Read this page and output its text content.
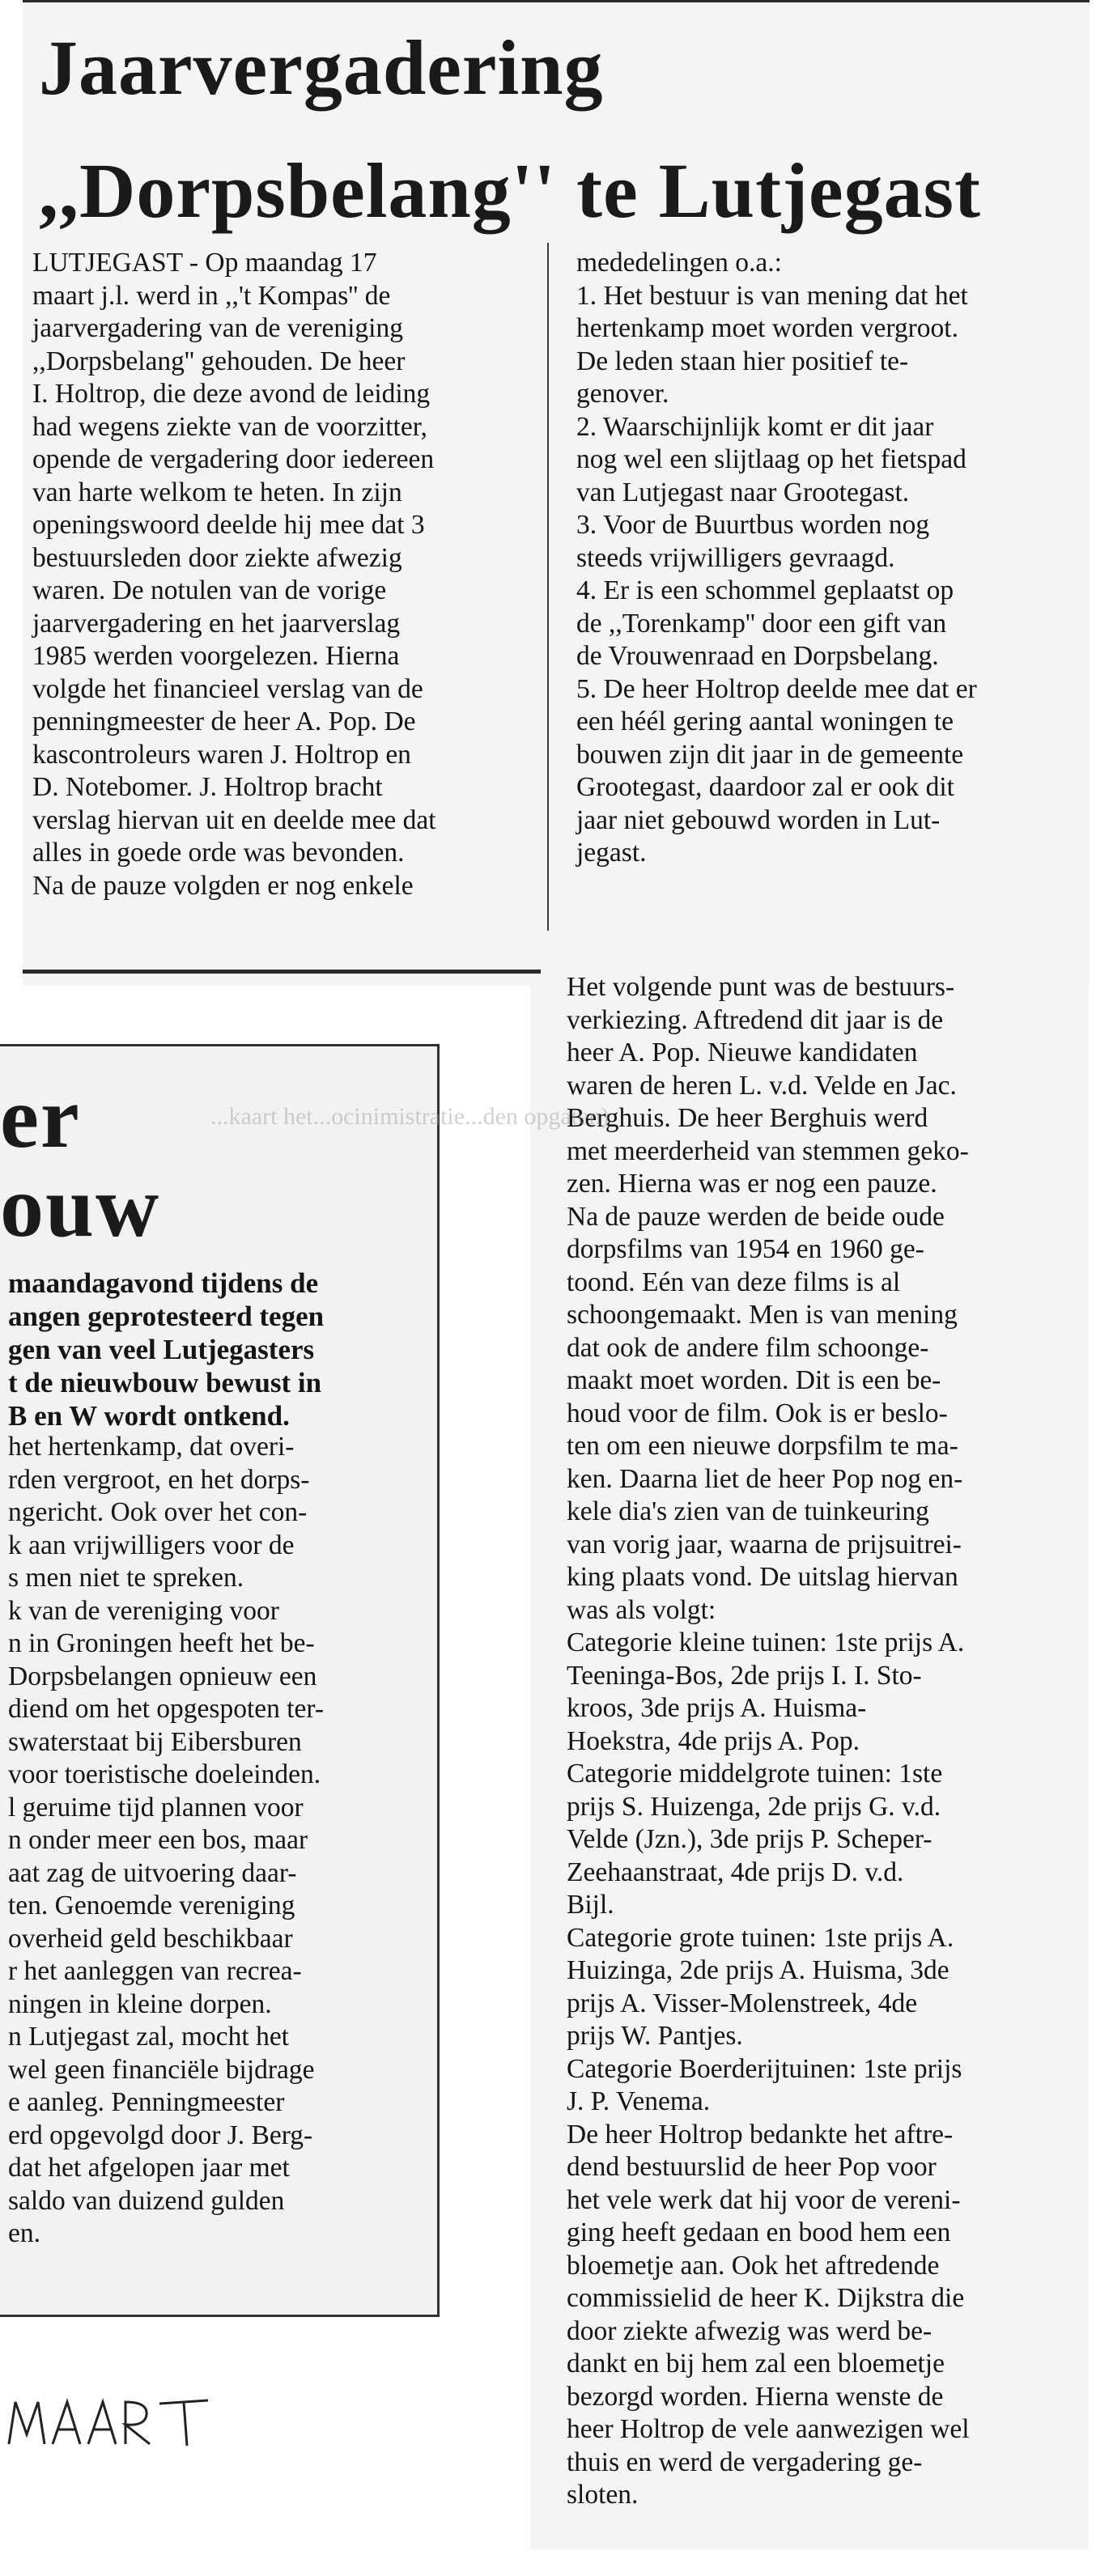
Jaarvergadering
,,Dorpsbelang'' te Lutjegast
LUTJEGAST - Op maandag 17
maart j.l. werd in ,,'t Kompas'' de
jaarvergadering van de vereniging
,,Dorpsbelang'' gehouden. De heer
I. Holtrop, die deze avond de leiding
had wegens ziekte van de voorzitter,
opende de vergadering door iedereen
van harte welkom te heten. In zijn
openingswoord deelde hij mee dat 3
bestuursleden door ziekte afwezig
waren. De notulen van de vorige
jaarvergadering en het jaarverslag
1985 werden voorgelezen. Hierna
volgde het financieel verslag van de
penningmeester de heer A. Pop. De
kascontroleurs waren J. Holtrop en
D. Notebomer. J. Holtrop bracht
verslag hiervan uit en deelde mee dat
alles in goede orde was bevonden.
Na de pauze volgden er nog enkele
mededelingen o.a.:
1. Het bestuur is van mening dat het
hertenkamp moet worden vergroot.
De leden staan hier positief te-
genover.
2. Waarschijnlijk komt er dit jaar
nog wel een slijtlaag op het fietspad
van Lutjegast naar Grootegast.
3. Voor de Buurtbus worden nog
steeds vrijwilligers gevraagd.
4. Er is een schommel geplaatst op
de ,,Torenkamp'' door een gift van
de Vrouwenraad en Dorpsbelang.
5. De heer Holtrop deelde mee dat er
een héél gering aantal woningen te
bouwen zijn dit jaar in de gemeente
Grootegast, daardoor zal er ook dit
jaar niet gebouwd worden in Lut-
jegast.
Het volgende punt was de bestuurs-
verkiezing. Aftredend dit jaar is de
heer A. Pop. Nieuwe kandidaten
waren de heren L. v.d. Velde en Jac.
Berghuis. De heer Berghuis werd
met meerderheid van stemmen geko-
zen. Hierna was er nog een pauze.
Na de pauze werden de beide oude
dorpsfilms van 1954 en 1960 ge-
toond. Eén van deze films is al
schoongemaakt. Men is van mening
dat ook de andere film schoonge-
maakt moet worden. Dit is een be-
houd voor de film. Ook is er beslo-
ten om een nieuwe dorpsfilm te ma-
ken. Daarna liet de heer Pop nog en-
kele dia's zien van de tuinkeuring
van vorig jaar, waarna de prijsuitrei-
king plaats vond. De uitslag hiervan
was als volgt:
Categorie kleine tuinen: 1ste prijs A.
Teeninga-Bos, 2de prijs I. I. Sto-
kroos, 3de prijs A. Huisma-
Hoekstra, 4de prijs A. Pop.
Categorie middelgrote tuinen: 1ste
prijs S. Huizenga, 2de prijs G. v.d.
Velde (Jzn.), 3de prijs P. Scheper-
Zeehaanstraat, 4de prijs D. v.d.
Bijl.
Categorie grote tuinen: 1ste prijs A.
Huizinga, 2de prijs A. Huisma, 3de
prijs A. Visser-Molenstreek, 4de
prijs W. Pantjes.
Categorie Boerderijtuinen: 1ste prijs
J. P. Venema.
De heer Holtrop bedankte het aftre-
dend bestuurslid de heer Pop voor
het vele werk dat hij voor de vereni-
ging heeft gedaan en bood hem een
bloemetje aan. Ook het aftredende
commissielid de heer K. Dijkstra die
door ziekte afwezig was werd be-
dankt en bij hem zal een bloemetje
bezorgd worden. Hierna wenste de
heer Holtrop de vele aanwezigen wel
thuis en werd de vergadering ge-
sloten.
...kaart het...ocinimistratie...den opgaten)
er
ouw
maandagavond tijdens de
angen geprotesteerd tegen
gen van veel Lutjegasters
t de nieuwbouw bewust in
B en W wordt ontkend.
het hertenkamp, dat overi-
rden vergroot, en het dorps-
ngericht. Ook over het con-
k aan vrijwilligers voor de
s men niet te spreken.
k van de vereniging voor
n in Groningen heeft het be-
Dorpsbelangen opnieuw een
diend om het opgespoten ter-
swaterstaat bij Eibersburen
voor toeristische doeleinden.
l geruime tijd plannen voor
n onder meer een bos, maar
aat zag de uitvoering daar-
ten. Genoemde vereniging
overheid geld beschikbaar
r het aanleggen van recrea-
ningen in kleine dorpen.
n Lutjegast zal, mocht het
wel geen financiële bijdrage
e aanleg. Penningmeester
erd opgevolgd door J. Berg-
dat het afgelopen jaar met
saldo van duizend gulden
en.
